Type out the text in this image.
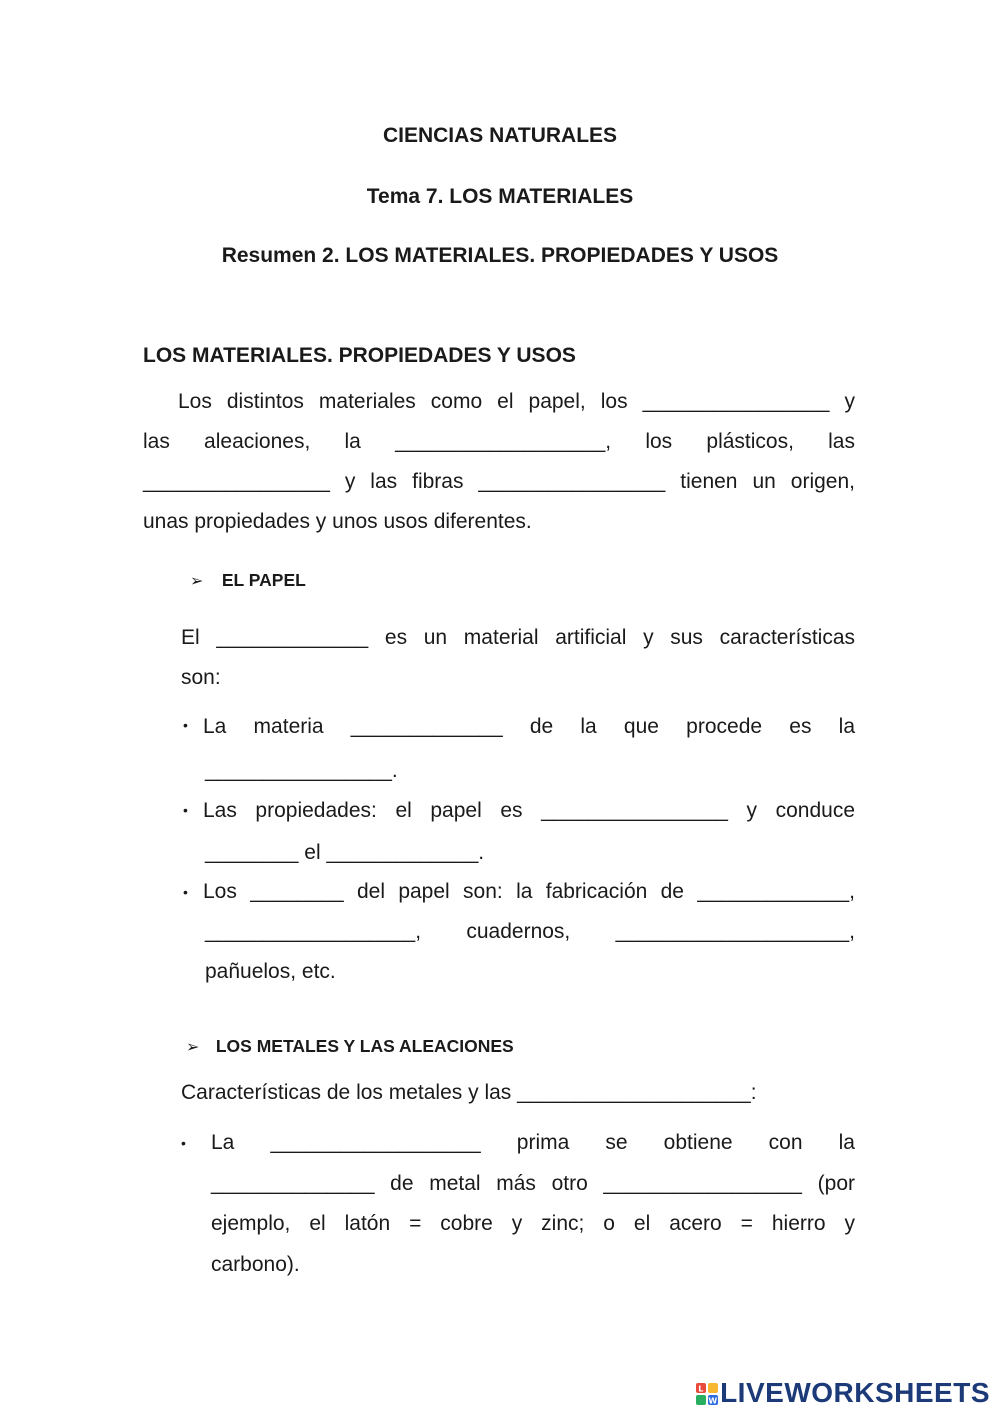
CIENCIAS NATURALES
Tema 7. LOS MATERIALES
Resumen 2. LOS MATERIALES. PROPIEDADES Y USOS
LOS MATERIALES. PROPIEDADES Y USOS
Los distintos materiales como el papel, los ________________ y
las aleaciones, la __________________, los plásticos, las
________________ y las fibras ________________ tienen un origen,
unas propiedades y unos usos diferentes.
➢ EL PAPEL
El _____________ es un material artificial y sus características
son:
• La materia _____________ de la que procede es la
________________.
• Las propiedades: el papel es ________________ y conduce
________ el _____________.
• Los ________ del papel son: la fabricación de _____________,
__________________, cuadernos, ____________________,
pañuelos, etc.
➢ LOS METALES Y LAS ALEACIONES
Características de los metales y las ____________________:
• La __________________ prima se obtiene con la
______________ de metal más otro _________________ (por
ejemplo, el latón = cobre y zinc; o el acero = hierro y
carbono).
L
W LIVEWORKSHEETS
